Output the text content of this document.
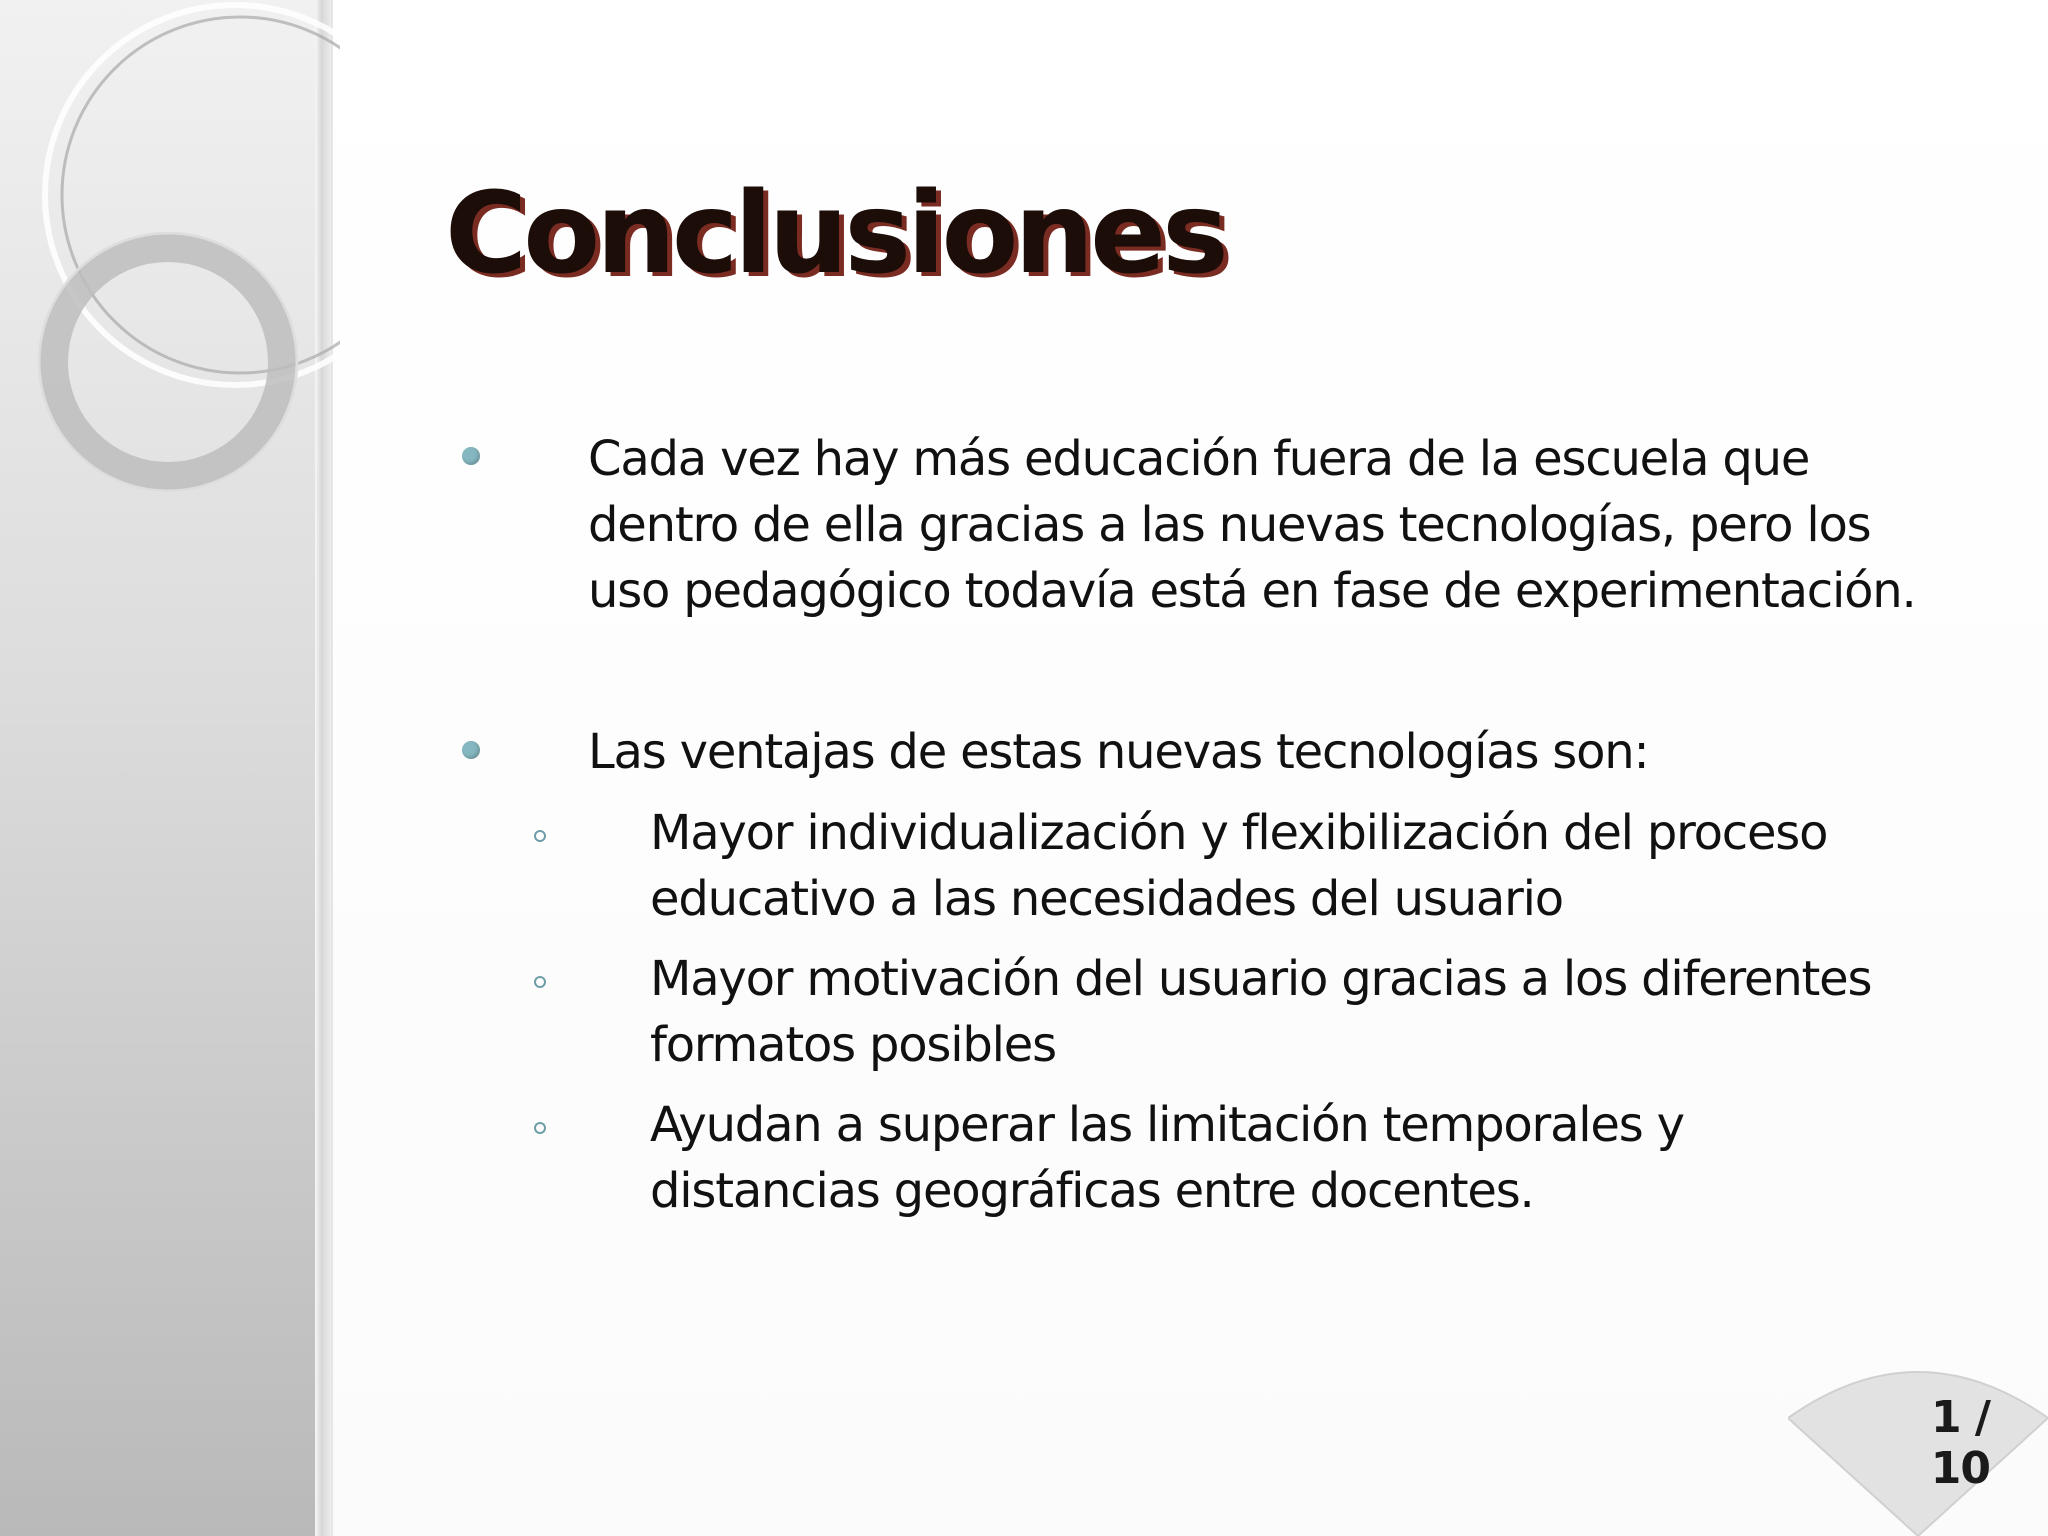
Conclusiones

Cada vez hay más educación fuera de la escuela que

dentro de ella gracias a las nuevas tecnologías, pero los

uso pedagógico todavía está en fase de experimentación.

Las ventajas de estas nuevas tecnologías son:

Mayor individualización y flexibilización del proceso

educativo a las necesidades del usuario

Mayor motivación del usuario gracias a los diferentes

formatos posibles

Ayudan a superar las limitación temporales y

distancias geográficas entre docentes.

1 / 10
